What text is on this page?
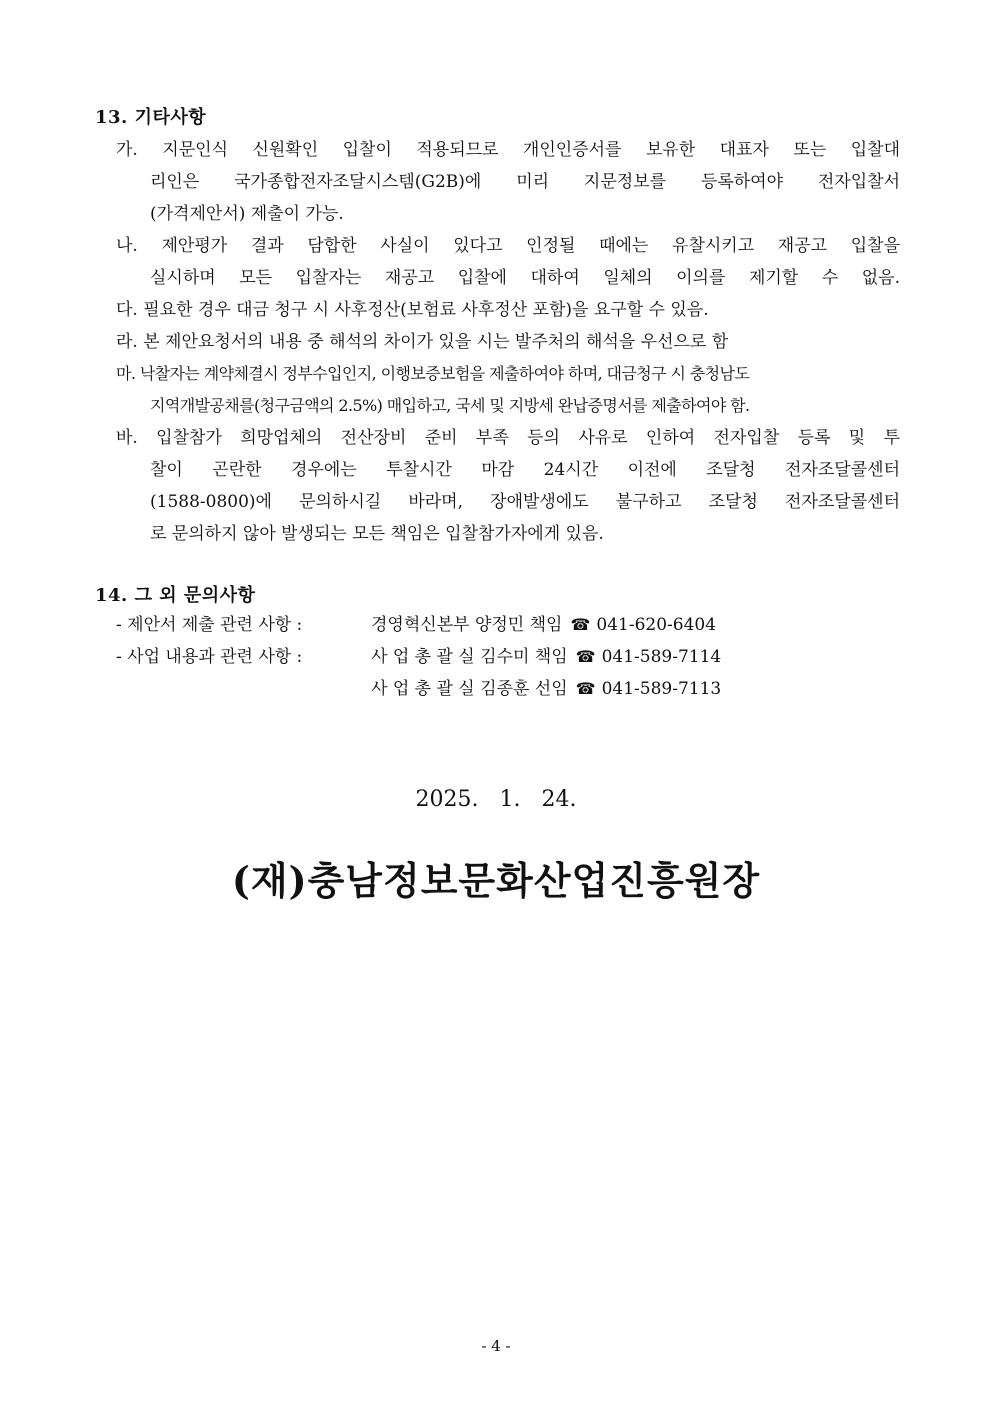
13. 기타사항
가. 지문인식 신원확인 입찰이 적용되므로 개인인증서를 보유한 대표자 또는 입찰대
리인은 국가종합전자조달시스템(G2B)에 미리 지문정보를 등록하여야 전자입찰서
(가격제안서) 제출이 가능.
나. 제안평가 결과 담합한 사실이 있다고 인정될 때에는 유찰시키고 재공고 입찰을
실시하며 모든 입찰자는 재공고 입찰에 대하여 일체의 이의를 제기할 수 없음.
다. 필요한 경우 대금 청구 시 사후정산(보험료 사후정산 포함)을 요구할 수 있음.
라. 본 제안요청서의 내용 중 해석의 차이가 있을 시는 발주처의 해석을 우선으로 함
마. 낙찰자는 계약체결시 정부수입인지, 이행보증보험을 제출하여야 하며, 대금청구 시 충청남도
지역개발공채를(청구금액의 2.5%) 매입하고, 국세 및 지방세 완납증명서를 제출하여야 함.
바. 입찰참가 희망업체의 전산장비 준비 부족 등의 사유로 인하여 전자입찰 등록 및 투
찰이 곤란한 경우에는 투찰시간 마감 24시간 이전에 조달청 전자조달콜센터
(1588-0800)에 문의하시길 바라며, 장애발생에도 불구하고 조달청 전자조달콜센터
로 문의하지 않아 발생되는 모든 책임은 입찰참가자에게 있음.
14. 그 외 문의사항
- 제안서 제출 관련 사항 :	경영혁신본부 양정민 책임 ☎ 041-620-6404
- 사업 내용과 관련 사항 :	사 업 총 괄 실 김수미 책임 ☎ 041-589-7114
사 업 총 괄 실 김종훈 선임 ☎ 041-589-7113
2025. 1. 24.
(재)충남정보문화산업진흥원장
- 4 -
